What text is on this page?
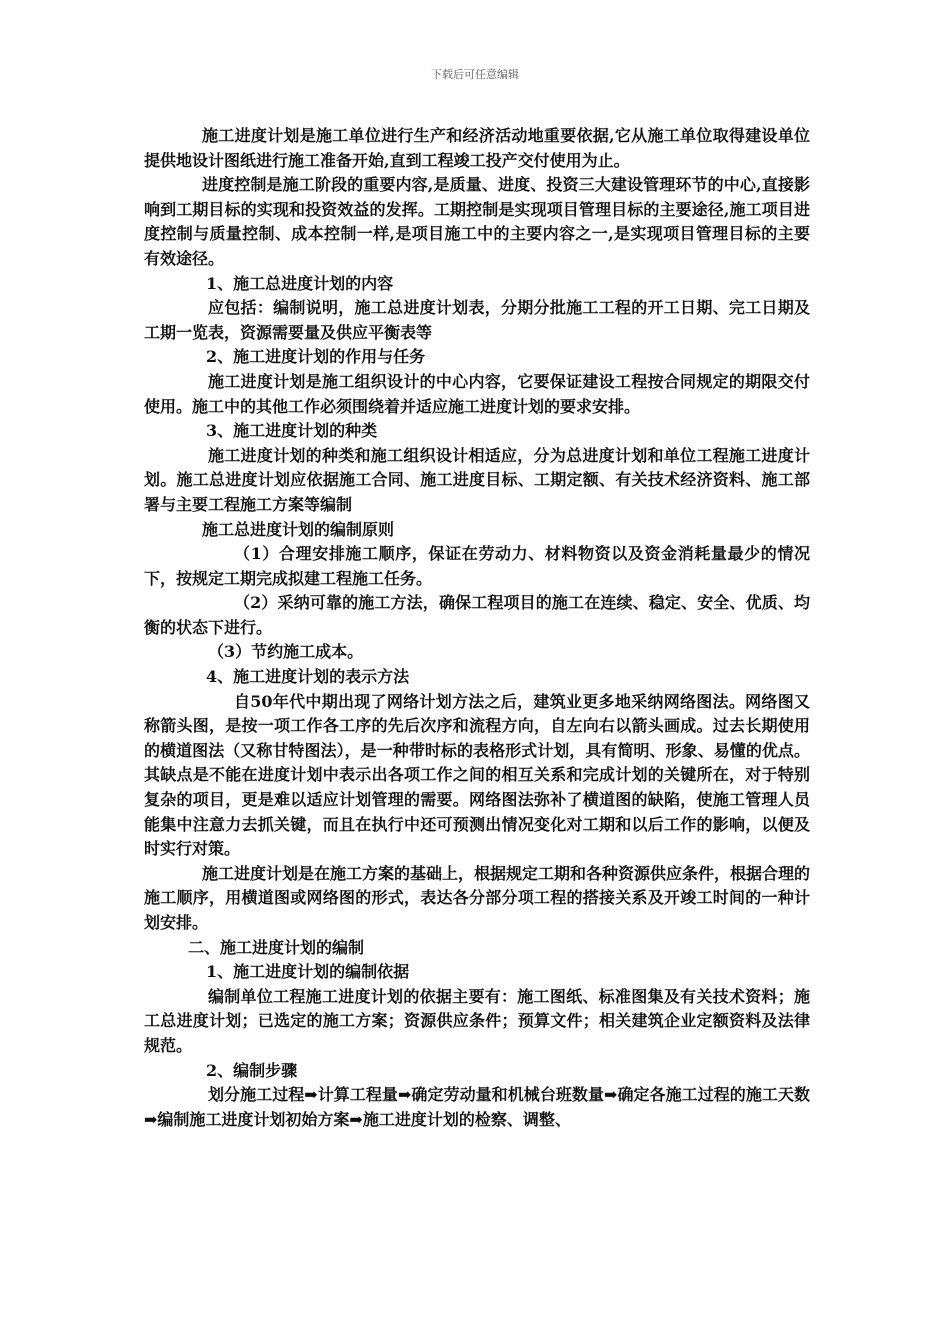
下载后可任意编辑

施工进度计划是施工单位进行生产和经济活动地重要依据,它从施工单位取得建设单位提供地设计图纸进行施工准备开始,直到工程竣工投产交付使用为止。

进度控制是施工阶段的重要内容,是质量、进度、投资三大建设管理环节的中心,直接影响到工期目标的实现和投资效益的发挥。工期控制是实现项目管理目标的主要途径,施工项目进度控制与质量控制、成本控制一样,是项目施工中的主要内容之一,是实现项目管理目标的主要有效途径。

1、施工总进度计划的内容

应包括：编制说明，施工总进度计划表，分期分批施工工程的开工日期、完工日期及工期一览表，资源需要量及供应平衡表等

2、施工进度计划的作用与任务

施工进度计划是施工组织设计的中心内容，它要保证建设工程按合同规定的期限交付使用。施工中的其他工作必须围绕着并适应施工进度计划的要求安排。

3、施工进度计划的种类

施工进度计划的种类和施工组织设计相适应，分为总进度计划和单位工程施工进度计划。施工总进度计划应依据施工合同、施工进度目标、工期定额、有关技术经济资料、施工部署与主要工程施工方案等编制

施工总进度计划的编制原则

（1）合理安排施工顺序，保证在劳动力、材料物资以及资金消耗量最少的情况下，按规定工期完成拟建工程施工任务。

（2）采纳可靠的施工方法，确保工程项目的施工在连续、稳定、安全、优质、均衡的状态下进行。

（3）节约施工成本。

4、施工进度计划的表示方法

自50年代中期出现了网络计划方法之后，建筑业更多地采纳网络图法。网络图又称箭头图，是按一项工作各工序的先后次序和流程方向，自左向右以箭头画成。过去长期使用的横道图法（又称甘特图法），是一种带时标的表格形式计划，具有简明、形象、易懂的优点。其缺点是不能在进度计划中表示出各项工作之间的相互关系和完成计划的关键所在，对于特别复杂的项目，更是难以适应计划管理的需要。网络图法弥补了横道图的缺陷，使施工管理人员能集中注意力去抓关键，而且在执行中还可预测出情况变化对工期和以后工作的影响，以便及时实行对策。

施工进度计划是在施工方案的基础上，根据规定工期和各种资源供应条件，根据合理的施工顺序，用横道图或网络图的形式，表达各分部分项工程的搭接关系及开竣工时间的一种计划安排。

二、施工进度计划的编制

1、施工进度计划的编制依据

编制单位工程施工进度计划的依据主要有：施工图纸、标准图集及有关技术资料；施工总进度计划；已选定的施工方案；资源供应条件；预算文件；相关建筑企业定额资料及法律规范。

2、编制步骤

划分施工过程➡计算工程量➡确定劳动量和机械台班数量➡确定各施工过程的施工天数➡编制施工进度计划初始方案➡施工进度计划的检察、调整、
